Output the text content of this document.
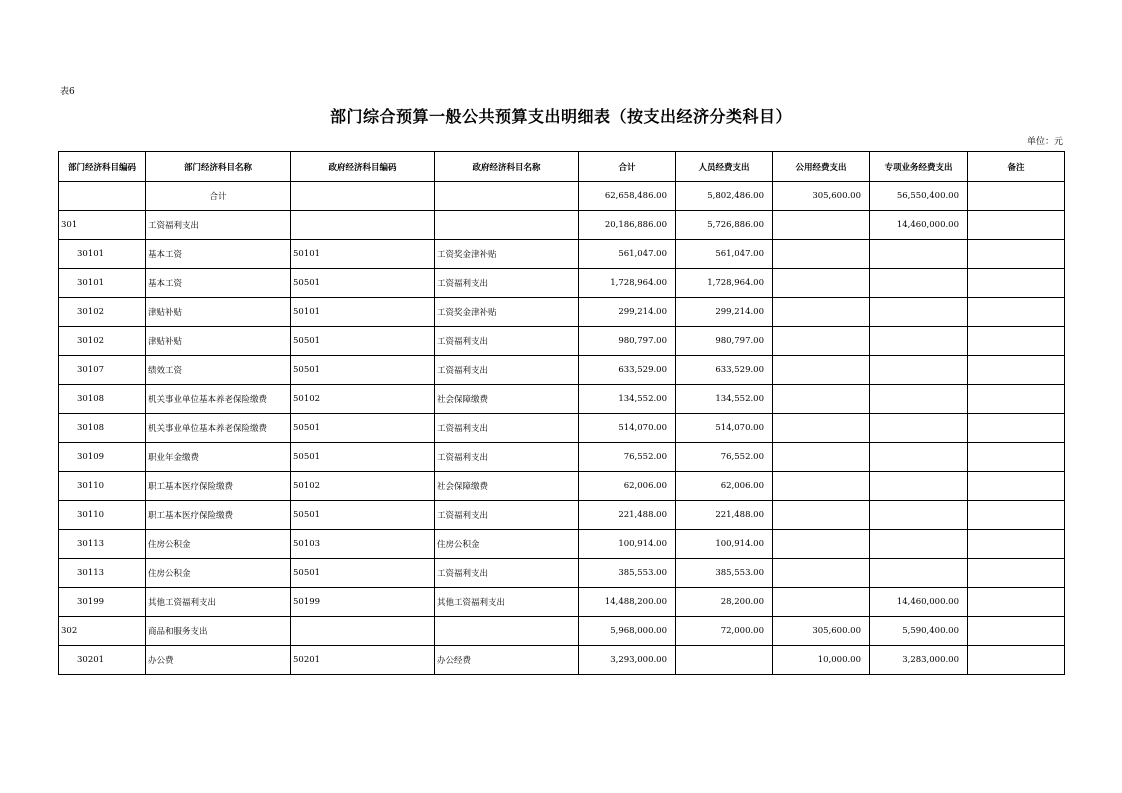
表6
部门综合预算一般公共预算支出明细表（按支出经济分类科目）
单位：元
部门经济科目编码	部门经济科目名称	政府经济科目编码	政府经济科目名称	合计	人员经费支出	公用经费支出	专项业务经费支出	备注
	合计			62,658,486.00	5,802,486.00	305,600.00	56,550,400.00	
301	工资福利支出			20,186,886.00	5,726,886.00		14,460,000.00	
30101	基本工资	50101	工资奖金津补贴	561,047.00	561,047.00			
30101	基本工资	50501	工资福利支出	1,728,964.00	1,728,964.00			
30102	津贴补贴	50101	工资奖金津补贴	299,214.00	299,214.00			
30102	津贴补贴	50501	工资福利支出	980,797.00	980,797.00			
30107	绩效工资	50501	工资福利支出	633,529.00	633,529.00			
30108	机关事业单位基本养老保险缴费	50102	社会保障缴费	134,552.00	134,552.00			
30108	机关事业单位基本养老保险缴费	50501	工资福利支出	514,070.00	514,070.00			
30109	职业年金缴费	50501	工资福利支出	76,552.00	76,552.00			
30110	职工基本医疗保险缴费	50102	社会保障缴费	62,006.00	62,006.00			
30110	职工基本医疗保险缴费	50501	工资福利支出	221,488.00	221,488.00			
30113	住房公积金	50103	住房公积金	100,914.00	100,914.00			
30113	住房公积金	50501	工资福利支出	385,553.00	385,553.00			
30199	其他工资福利支出	50199	其他工资福利支出	14,488,200.00	28,200.00		14,460,000.00	
302	商品和服务支出			5,968,000.00	72,000.00	305,600.00	5,590,400.00	
30201	办公费	50201	办公经费	3,293,000.00		10,000.00	3,283,000.00	
